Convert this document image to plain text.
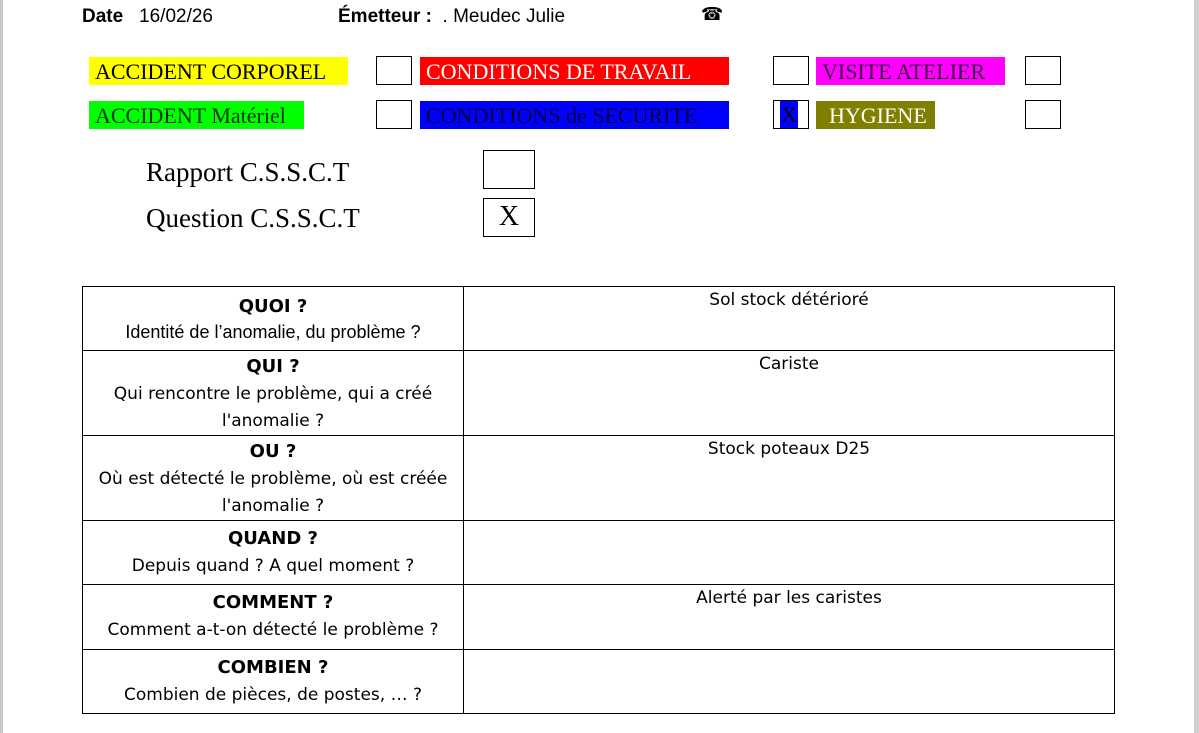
Date 16/02/26	Émetteur : . Meudec Julie	☎
ACCIDENT CORPOREL	CONDITIONS DE TRAVAIL	VISITE ATELIER
ACCIDENT Matériel	CONDITIONS de SECURITE	X	HYGIENE
Rapport C.S.S.C.T
Question C.S.S.C.T	X
QUOI ?
Identité de l’anomalie, du problème ?	Sol stock détérioré

QUI ?
Qui rencontre le problème, qui a créé l'anomalie ?	Cariste

OU ?
Où est détecté le problème, où est créée l'anomalie ?	Stock poteaux D25

QUAND ?
Depuis quand ? A quel moment ?	

COMMENT ?
Comment a-t-on détecté le problème ?	Alerté par les caristes

COMBIEN ?
Combien de pièces, de postes, … ?	
